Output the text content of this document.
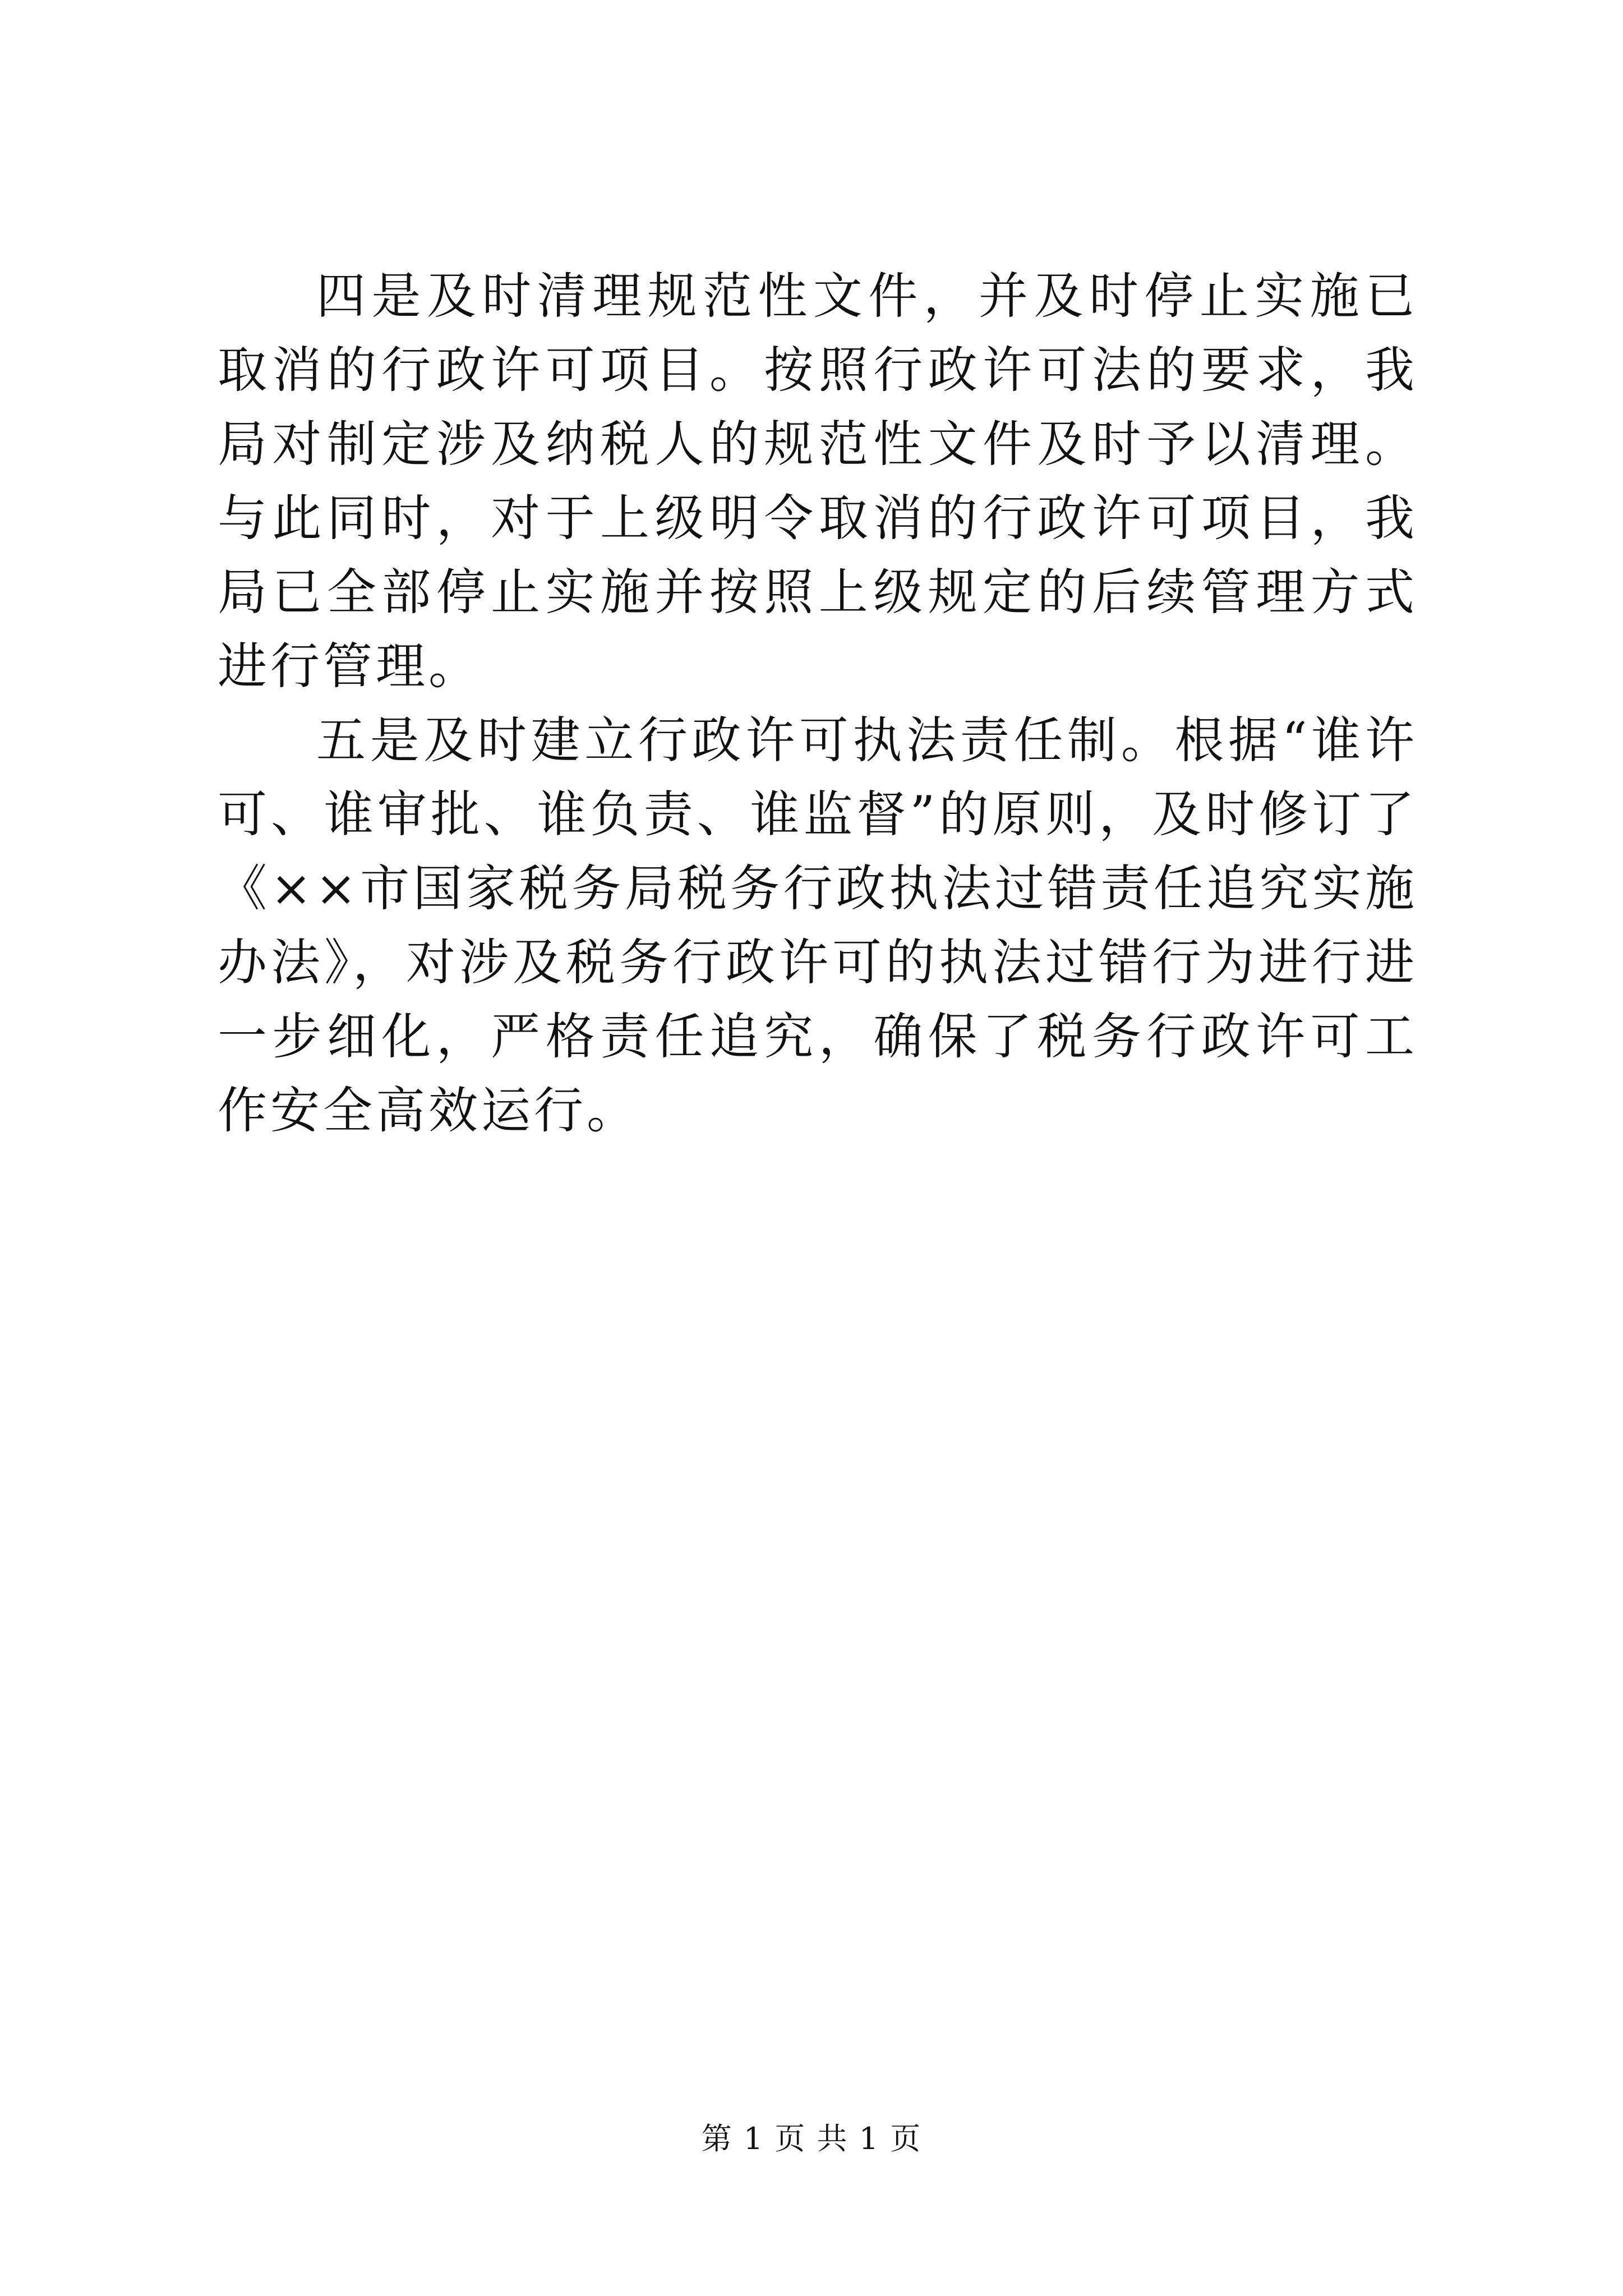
四是及时清理规范性文件，并及时停止实施已取消的行政许可项目。按照行政许可法的要求，我局对制定涉及纳税人的规范性文件及时予以清理。与此同时，对于上级明令取消的行政许可项目，我局已全部停止实施并按照上级规定的后续管理方式进行管理。

五是及时建立行政许可执法责任制。根据“谁许可、谁审批、谁负责、谁监督”的原则，及时修订了《××市国家税务局税务行政执法过错责任追究实施办法》，对涉及税务行政许可的执法过错行为进行进一步细化，严格责任追究，确保了税务行政许可工作安全高效运行。

第 1 页 共 1 页
